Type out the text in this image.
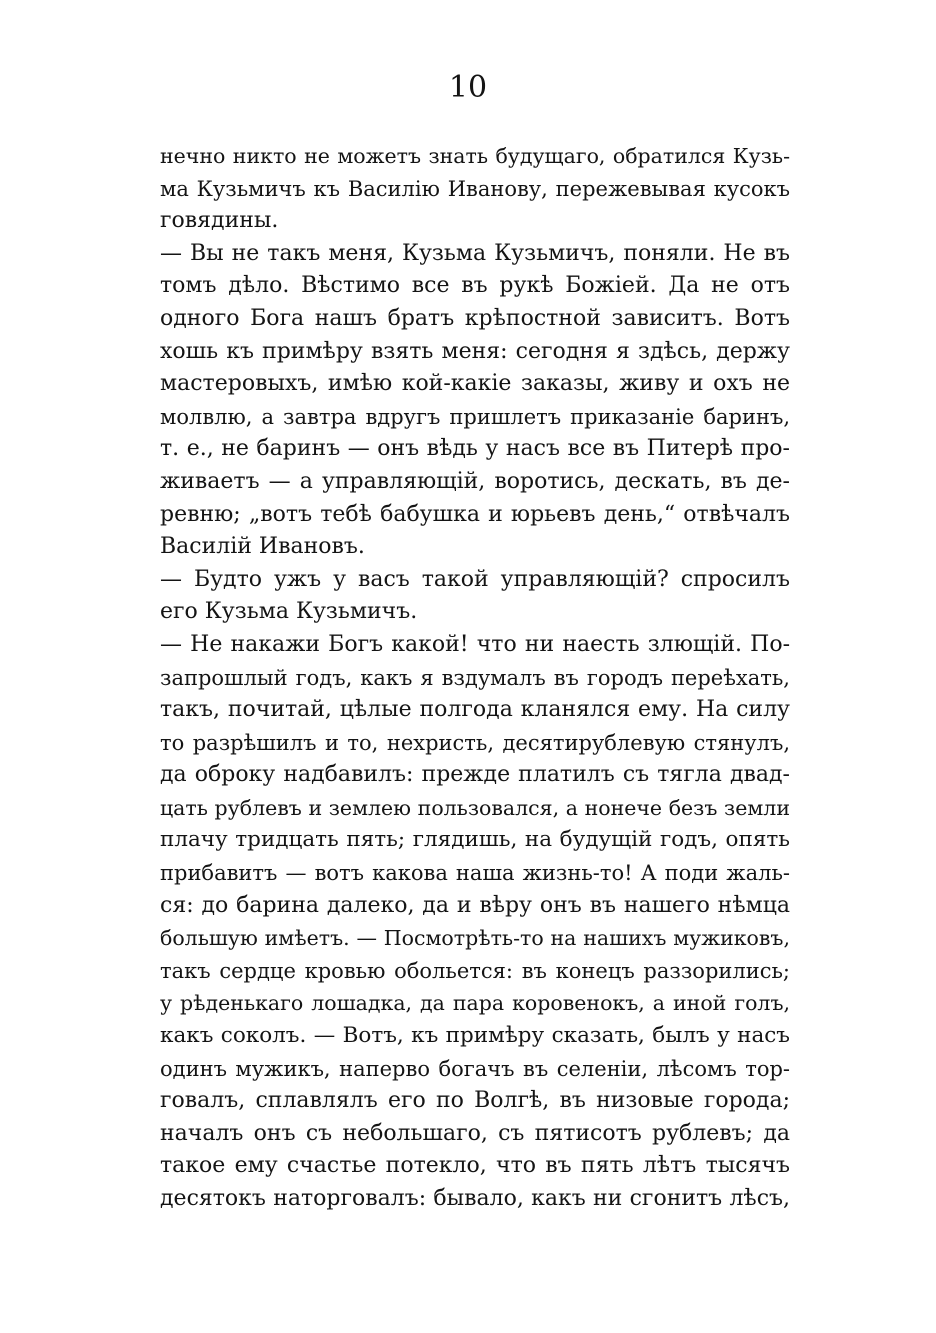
10
нечно никто не можетъ знать будущаго, обратился Кузь-
ма Кузьмичъ къ Василію Иванову, пережевывая кусокъ
говядины.
— Вы не такъ меня, Кузьма Кузьмичъ, поняли. Не въ
томъ дѣло. Вѣстимо все въ рукѣ Божіей. Да не отъ
одного Бога нашъ братъ крѣпостной зависитъ. Вотъ
хошь къ примѣру взять меня: сегодня я здѣсь, держу
мастеровыхъ, имѣю кой-какіе заказы, живу и охъ не
молвлю, а завтра вдругъ пришлетъ приказаніе баринъ,
т. е., не баринъ — онъ вѣдь у насъ все въ Питерѣ про-
живаетъ — а управляющій, воротись, дескать, въ де-
ревню; „вотъ тебѣ бабушка и юрьевъ день,“ отвѣчалъ
Василій Ивановъ.
— Будто ужъ у васъ такой управляющій? спросилъ
его Кузьма Кузьмичъ.
— Не накажи Богъ какой! что ни наесть злющій. По-
запрошлый годъ, какъ я вздумалъ въ городъ переѣхать,
такъ, почитай, цѣлые полгода кланялся ему. На силу
то разрѣшилъ и то, нехристь, десятирублевую стянулъ,
да оброку надбавилъ: прежде платилъ съ тягла двад-
цать рублевъ и землею пользовался, а нонече безъ земли
плачу тридцать пять; глядишь, на будущій годъ, опять
прибавитъ — вотъ какова наша жизнь-то! А поди жаль-
ся: до барина далеко, да и вѣру онъ въ нашего нѣмца
большую имѣетъ. — Посмотрѣть-то на нашихъ мужиковъ,
такъ сердце кровью обольется: въ конецъ раззорились;
у рѣденькаго лошадка, да пара коровенокъ, а иной голъ,
какъ соколъ. — Вотъ, къ примѣру сказать, былъ у насъ
одинъ мужикъ, наперво богачъ въ селеніи, лѣсомъ тор-
говалъ, сплавлялъ его по Волгѣ, въ низовые города;
началъ онъ съ небольшаго, съ пятисотъ рублевъ; да
такое ему счастье потекло, что въ пять лѣтъ тысячъ
десятокъ наторговалъ: бывало, какъ ни сгонитъ лѣсъ,
